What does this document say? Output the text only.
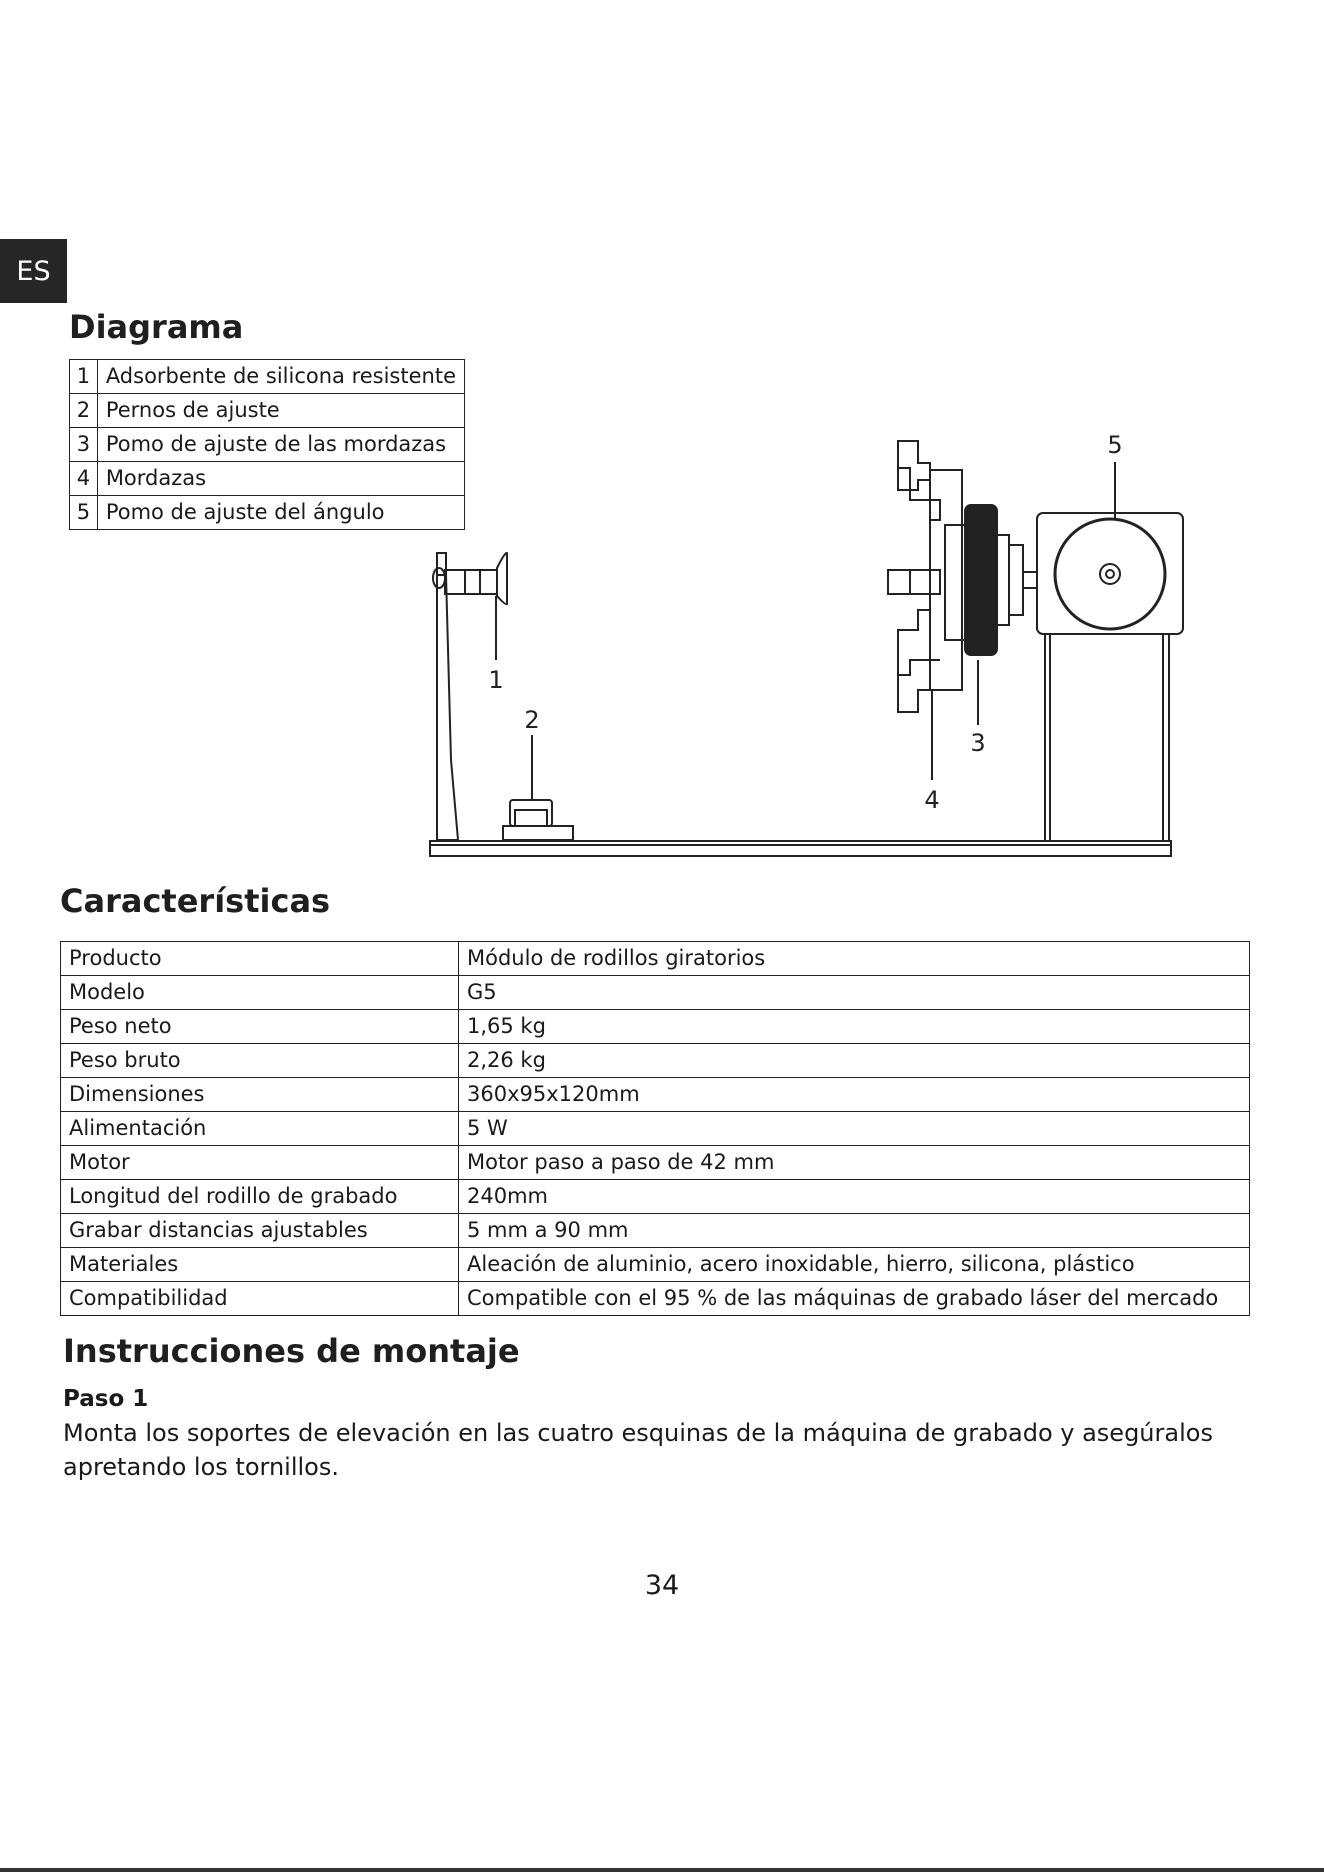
ES
Diagrama
1	Adsorbente de silicona resistente
2	Pernos de ajuste
3	Pomo de ajuste de las mordazas
4	Mordazas
5	Pomo de ajuste del ángulo
1
2
3
4
5
Características
Producto	Módulo de rodillos giratorios
Modelo	G5
Peso neto	1,65 kg
Peso bruto	2,26 kg
Dimensiones	360x95x120mm
Alimentación	5 W
Motor	Motor paso a paso de 42 mm
Longitud del rodillo de grabado	240mm
Grabar distancias ajustables	5 mm a 90 mm
Materiales	Aleación de aluminio, acero inoxidable, hierro, silicona, plástico
Compatibilidad	Compatible con el 95 % de las máquinas de grabado láser del mercado
Instrucciones de montaje
Paso 1

Monta los soportes de elevación en las cuatro esquinas de la máquina de grabado y asegúralos apretando los tornillos.

34
